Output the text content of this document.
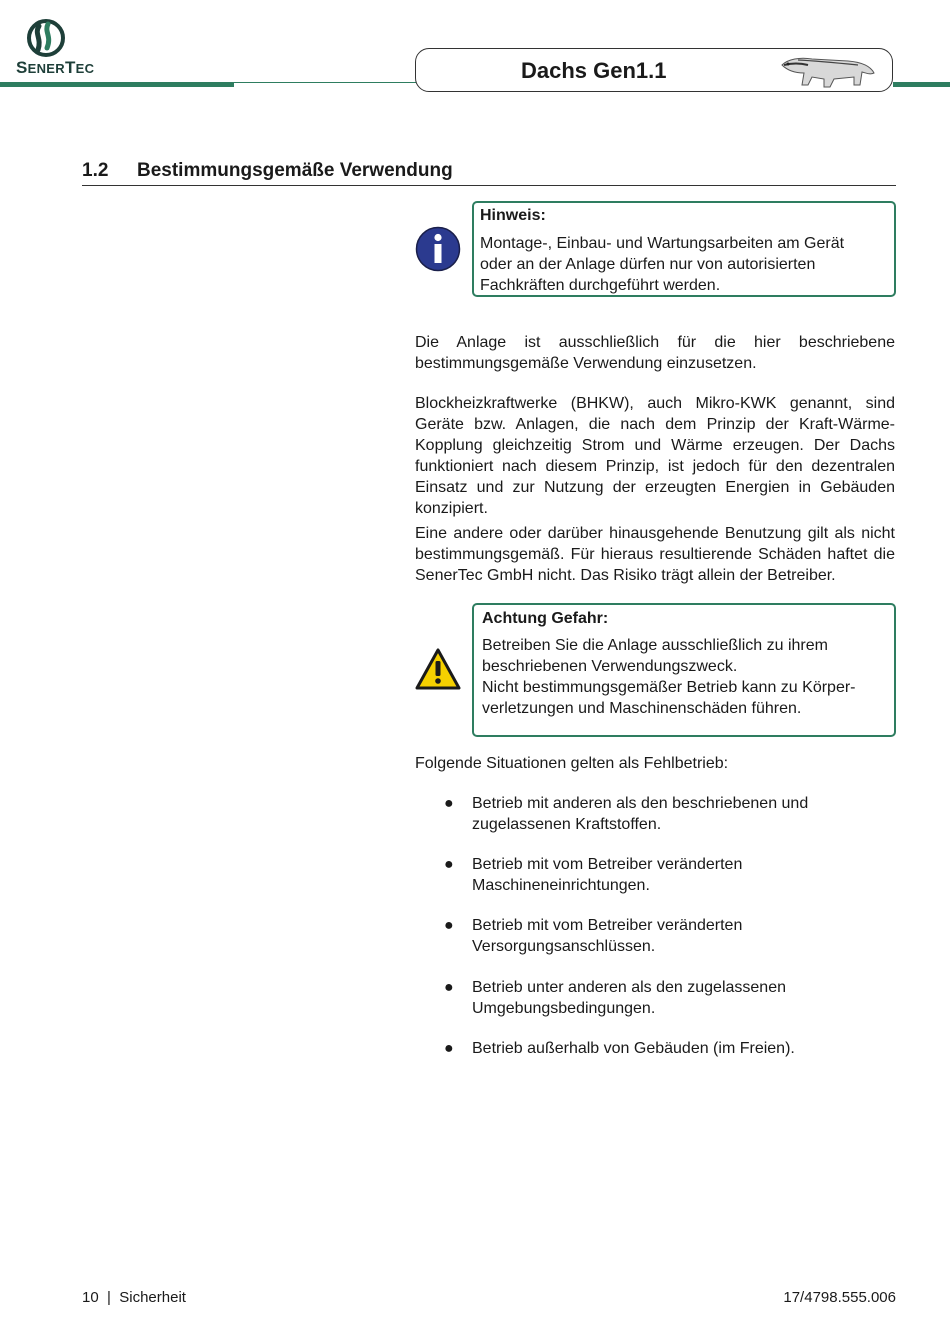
SENERTEC	Dachs Gen1.1
1.2 Bestimmungsgemäße Verwendung
Hinweis:
Montage-, Einbau- und Wartungsarbeiten am Gerät
oder an der Anlage dürfen nur von autorisierten
Fachkräften durchgeführt werden.
Die Anlage ist ausschließlich für die hier beschriebene bestimmungsgemäße Verwendung einzusetzen.
Blockheizkraftwerke (BHKW), auch Mikro-KWK genannt, sind Geräte bzw. Anlagen, die nach dem Prinzip der Kraft-Wärme-Kopplung gleichzeitig Strom und Wärme erzeugen. Der Dachs funktioniert nach diesem Prinzip, ist jedoch für den dezentralen Einsatz und zur Nutzung der erzeugten Energien in Gebäuden konzipiert.
Eine andere oder darüber hinausgehende Benutzung gilt als nicht bestimmungsgemäß. Für hieraus resultierende Schäden haftet die SenerTec GmbH nicht. Das Risiko trägt allein der Betreiber.
Achtung Gefahr:
Betreiben Sie die Anlage ausschließlich zu ihrem
beschriebenen Verwendungszweck.
Nicht bestimmungsgemäßer Betrieb kann zu Körper-
verletzungen und Maschinenschäden führen.
Folgende Situationen gelten als Fehlbetrieb:
● Betrieb mit anderen als den beschriebenen und
zugelassenen Kraftstoffen.
● Betrieb mit vom Betreiber veränderten
Maschineneinrichtungen.
● Betrieb mit vom Betreiber veränderten
Versorgungsanschlüssen.
● Betrieb unter anderen als den zugelassenen
Umgebungsbedingungen.
● Betrieb außerhalb von Gebäuden (im Freien).
10  |  Sicherheit	17/4798.555.006
